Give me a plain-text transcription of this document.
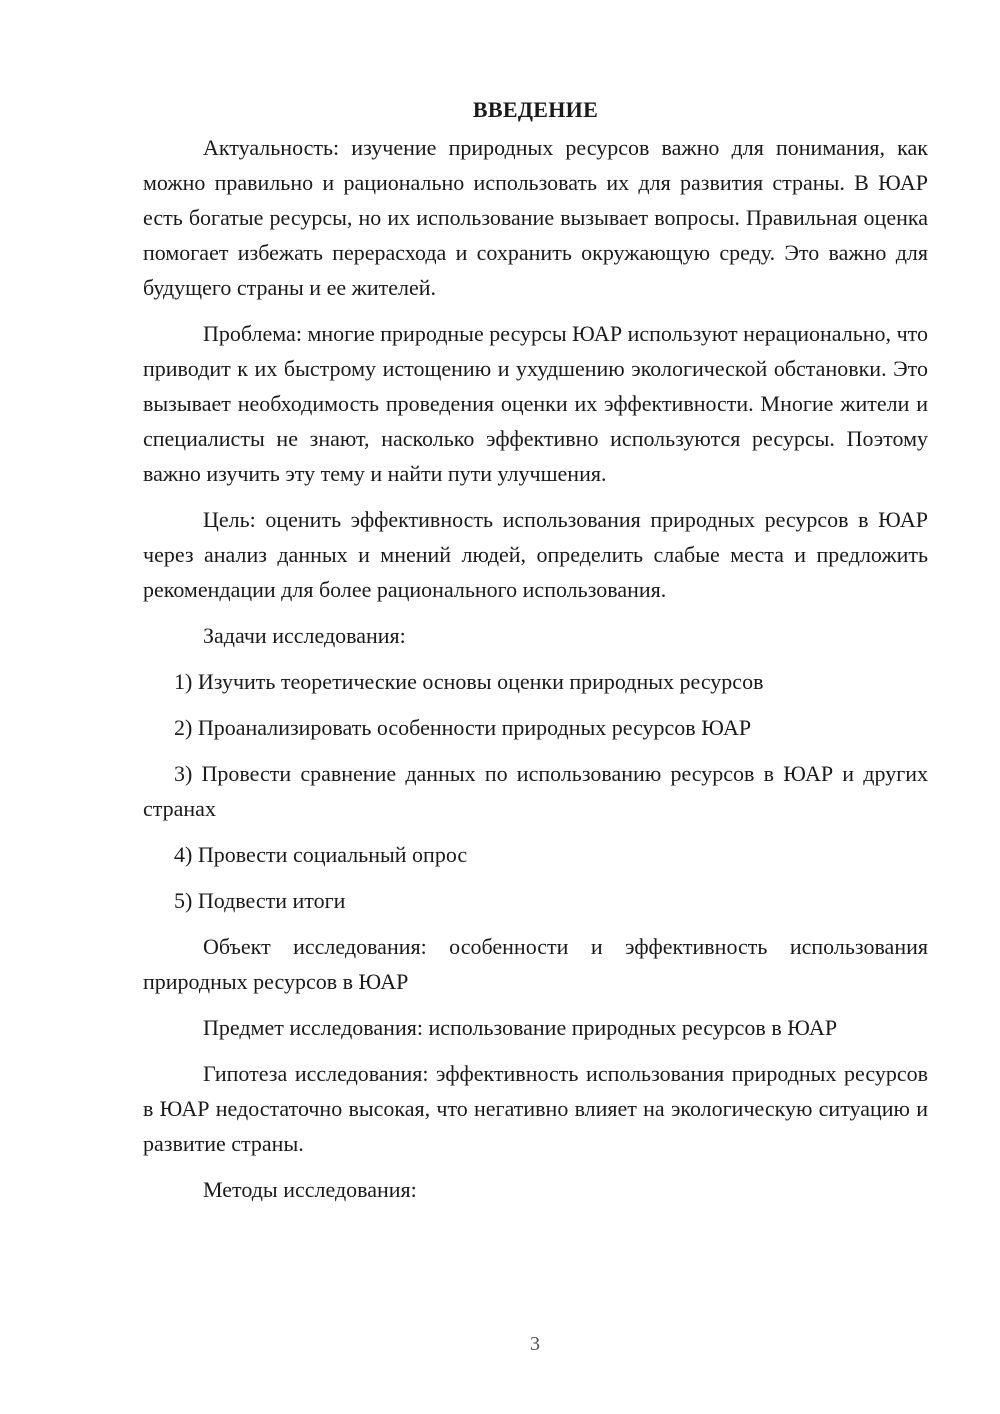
ВВЕДЕНИЕ

Актуальность: изучение природных ресурсов важно для понимания, как можно правильно и рационально использовать их для развития страны. В ЮАР есть богатые ресурсы, но их использование вызывает вопросы. Правильная оценка помогает избежать перерасхода и сохранить окружающую среду. Это важно для будущего страны и ее жителей.

Проблема: многие природные ресурсы ЮАР используют нерационально, что приводит к их быстрому истощению и ухудшению экологической обстановки. Это вызывает необходимость проведения оценки их эффективности. Многие жители и специалисты не знают, насколько эффективно используются ресурсы. Поэтому важно изучить эту тему и найти пути улучшения.

Цель: оценить эффективность использования природных ресурсов в ЮАР через анализ данных и мнений людей, определить слабые места и предложить рекомендации для более рационального использования.

Задачи исследования:

1) Изучить теоретические основы оценки природных ресурсов

2) Проанализировать особенности природных ресурсов ЮАР

3) Провести сравнение данных по использованию ресурсов в ЮАР и других странах

4) Провести социальный опрос

5) Подвести итоги

Объект исследования: особенности и эффективность использования природных ресурсов в ЮАР

Предмет исследования: использование природных ресурсов в ЮАР

Гипотеза исследования: эффективность использования природных ресурсов в ЮАР недостаточно высокая, что негативно влияет на экологическую ситуацию и развитие страны.

Методы исследования:

3
